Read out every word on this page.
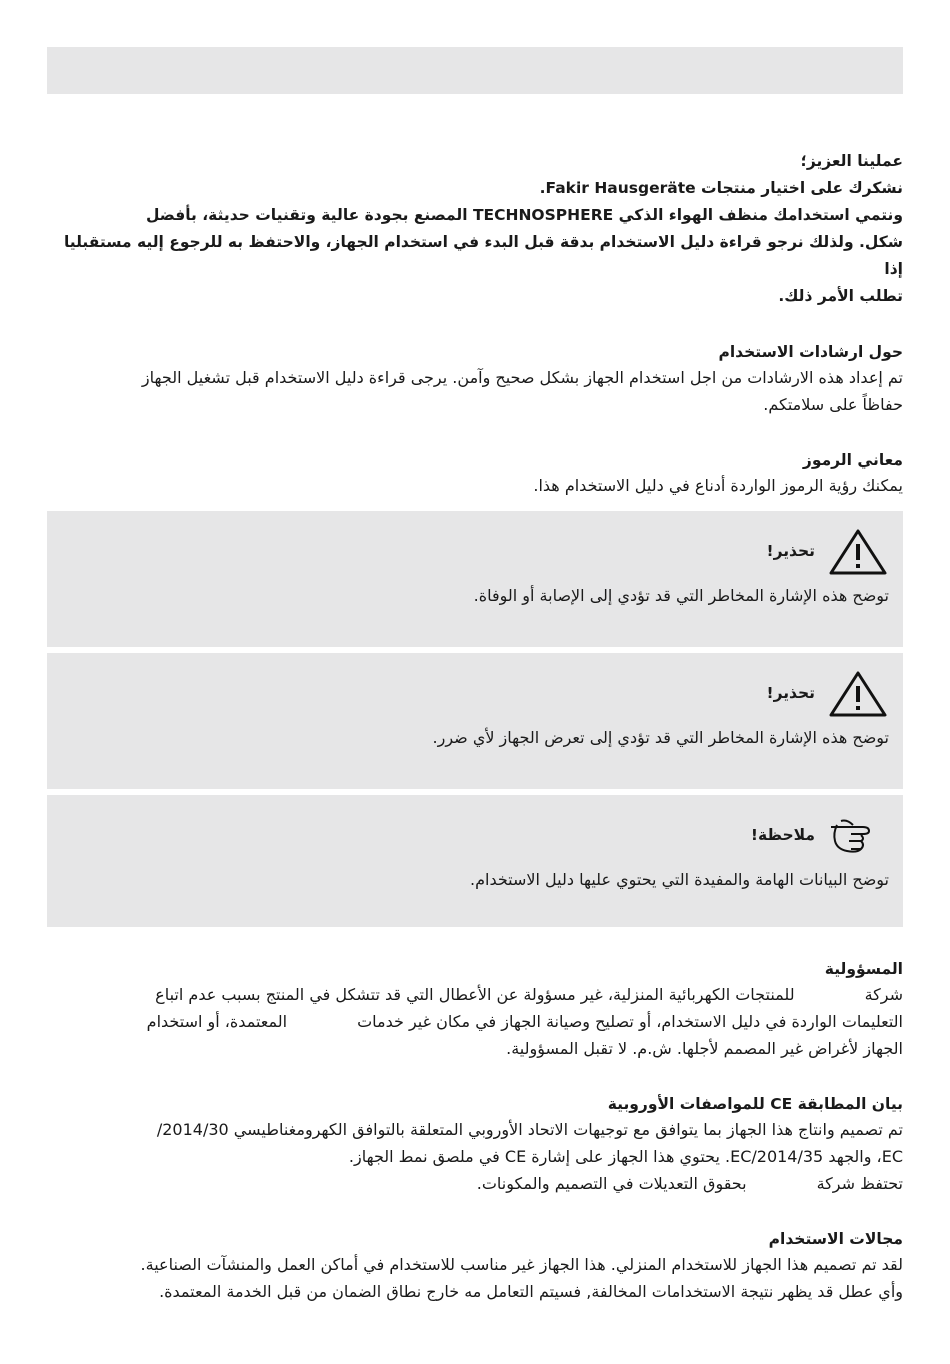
عملينا العزيز؛

نشكرك على اختيار منتجات Fakir Hausgeräte.

ونتمي استخدامك منظف الهواء الذكي TECHNOSPHERE المصنع بجودة عالية وتقنيات حديثة، بأفضل

شكل. ولذلك نرجو قراءة دليل الاستخدام بدقة قبل البدء في استخدام الجهاز، والاحتفظ به للرجوع إليه مستقبليا إذا

تطلب الأمر ذلك.

حول ارشادات الاستخدام

تم إعداد هذه الارشادات من اجل استخدام الجهاز بشكل صحيح وآمن. يرجى قراءة دليل الاستخدام قبل تشغيل الجهاز
حفاظاً على سلامتكم.

معاني الرموز

يمكنك رؤية الرموز الواردة أدناع في دليل الاستخدام هذا.

تحذير!
توضح هذه الإشارة المخاطر التي قد تؤدي إلى الإصابة أو الوفاة.
تحذير!
توضح هذه الإشارة المخاطر التي قد تؤدي إلى تعرض الجهاز لأي ضرر.
ملاحظة!
توضح البيانات الهامة والمفيدة التي يحتوي عليها دليل الاستخدام.
المسؤولية

شركةللمنتجات الكهربائية المنزلية، غير مسؤولة عن الأعطال التي قد تتشكل في المنتج بسبب عدم اتباع
التعليمات الواردة في دليل الاستخدام، أو تصليح وصيانة الجهاز في مكان غير خدماتالمعتمدة، أو استخدام
الجهاز لأغراض غير المصمم لأجلها. ش.م. لا تقبل المسؤولية.

بيان المطابقة CE للمواصفات الأوروبية

تم تصميم وانتاج هذا الجهاز بما يتوافق مع توجيهات الاتحاد الأوروبي المتعلقة بالتوافق الكهرومغناطيسي 2014/30/
EC، والجهد EC/2014/35. يحتوي هذا الجهاز على إشارة CE في ملصق نمط الجهاز.
تحتفظ شركةبحقوق التعديلات في التصميم والمكونات.

مجالات الاستخدام

لقد تم تصميم هذا الجهاز للاستخدام المنزلي. هذا الجهاز غير مناسب للاستخدام في أماكن العمل والمنشآت الصناعية.
وأي عطل قد يظهر نتيجة الاستخدامات المخالفة, فسيتم التعامل مه خارج نطاق الضمان من قبل الخدمة المعتمدة.
